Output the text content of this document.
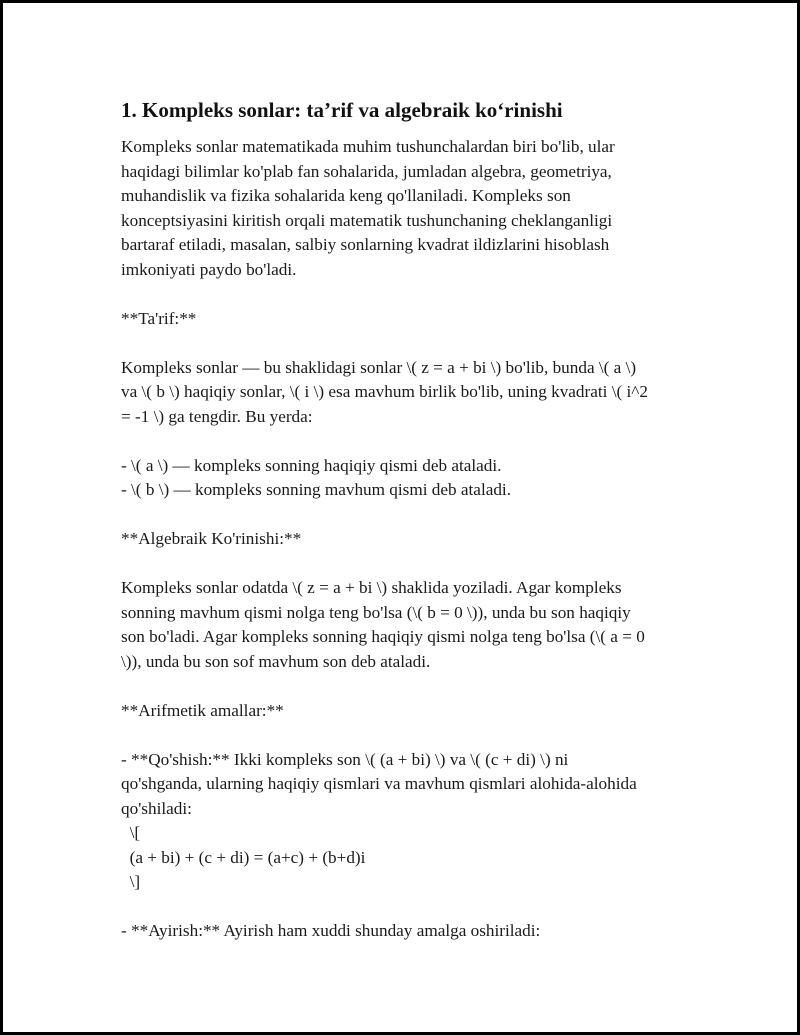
1. Kompleks sonlar: ta’rif va algebraik ko‘rinishi
Kompleks sonlar matematikada muhim tushunchalardan biri bo'lib, ular
haqidagi bilimlar ko'plab fan sohalarida, jumladan algebra, geometriya,
muhandislik va fizika sohalarida keng qo'llaniladi. Kompleks son
konceptsiyasini kiritish orqali matematik tushunchaning cheklanganligi
bartaraf etiladi, masalan, salbiy sonlarning kvadrat ildizlarini hisoblash
imkoniyati paydo bo'ladi.
**Ta'rif:**
Kompleks sonlar — bu shaklidagi sonlar \( z = a + bi \) bo'lib, bunda \( a \)
va \( b \) haqiqiy sonlar, \( i \) esa mavhum birlik bo'lib, uning kvadrati \( i^2
= -1 \) ga tengdir. Bu yerda:
- \( a \) — kompleks sonning haqiqiy qismi deb ataladi.
- \( b \) — kompleks sonning mavhum qismi deb ataladi.
**Algebraik Ko'rinishi:**
Kompleks sonlar odatda \( z = a + bi \) shaklida yoziladi. Agar kompleks
sonning mavhum qismi nolga teng bo'lsa (\( b = 0 \)), unda bu son haqiqiy
son bo'ladi. Agar kompleks sonning haqiqiy qismi nolga teng bo'lsa (\( a = 0
\)), unda bu son sof mavhum son deb ataladi.
**Arifmetik amallar:**
- **Qo'shish:** Ikki kompleks son \( (a + bi) \) va \( (c + di) \) ni
qo'shganda, ularning haqiqiy qismlari va mavhum qismlari alohida-alohida
qo'shiladi:
\[
(a + bi) + (c + di) = (a+c) + (b+d)i
\]
- **Ayirish:** Ayirish ham xuddi shunday amalga oshiriladi:
